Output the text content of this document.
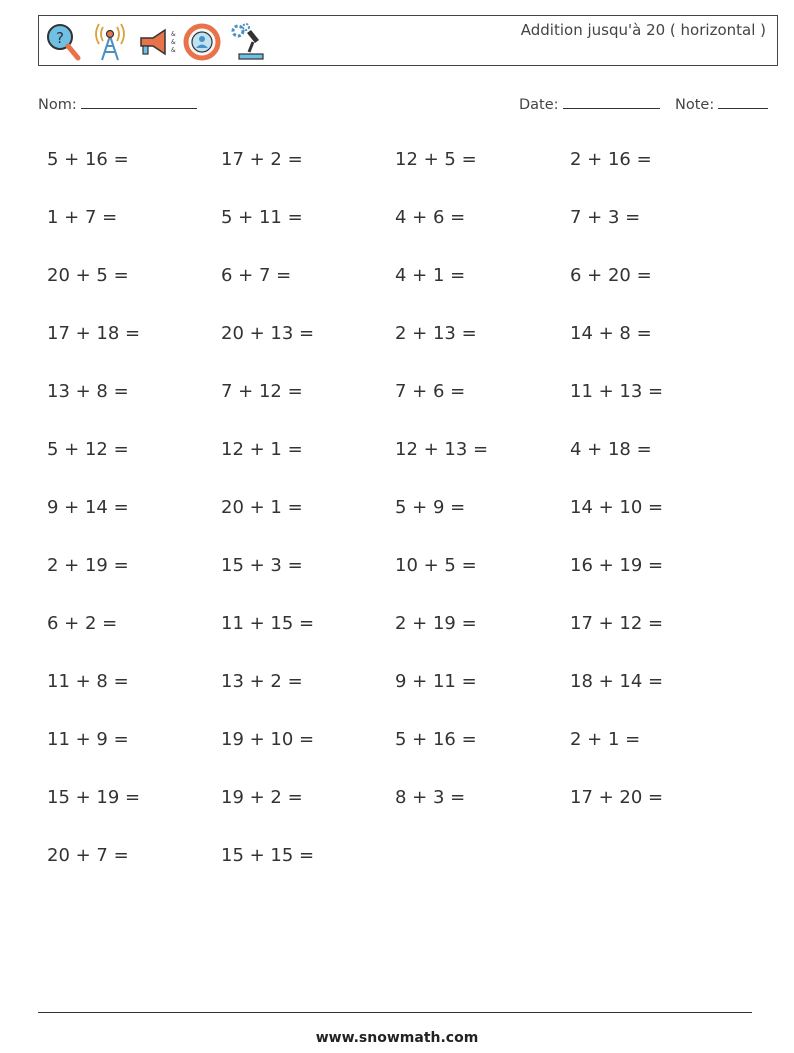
?	&
&
&
Addition jusqu'à 20 ( horizontal )
Nom:	Date:	Note:
5 + 16 =	17 + 2 =	12 + 5 =	2 + 16 =
1 + 7 =	5 + 11 =	4 + 6 =	7 + 3 =
20 + 5 =	6 + 7 =	4 + 1 =	6 + 20 =
17 + 18 =	20 + 13 =	2 + 13 =	14 + 8 =
13 + 8 =	7 + 12 =	7 + 6 =	11 + 13 =
5 + 12 =	12 + 1 =	12 + 13 =	4 + 18 =
9 + 14 =	20 + 1 =	5 + 9 =	14 + 10 =
2 + 19 =	15 + 3 =	10 + 5 =	16 + 19 =
6 + 2 =	11 + 15 =	2 + 19 =	17 + 12 =
11 + 8 =	13 + 2 =	9 + 11 =	18 + 14 =
11 + 9 =	19 + 10 =	5 + 16 =	2 + 1 =
15 + 19 =	19 + 2 =	8 + 3 =	17 + 20 =
20 + 7 =	15 + 15 =
www.snowmath.com
